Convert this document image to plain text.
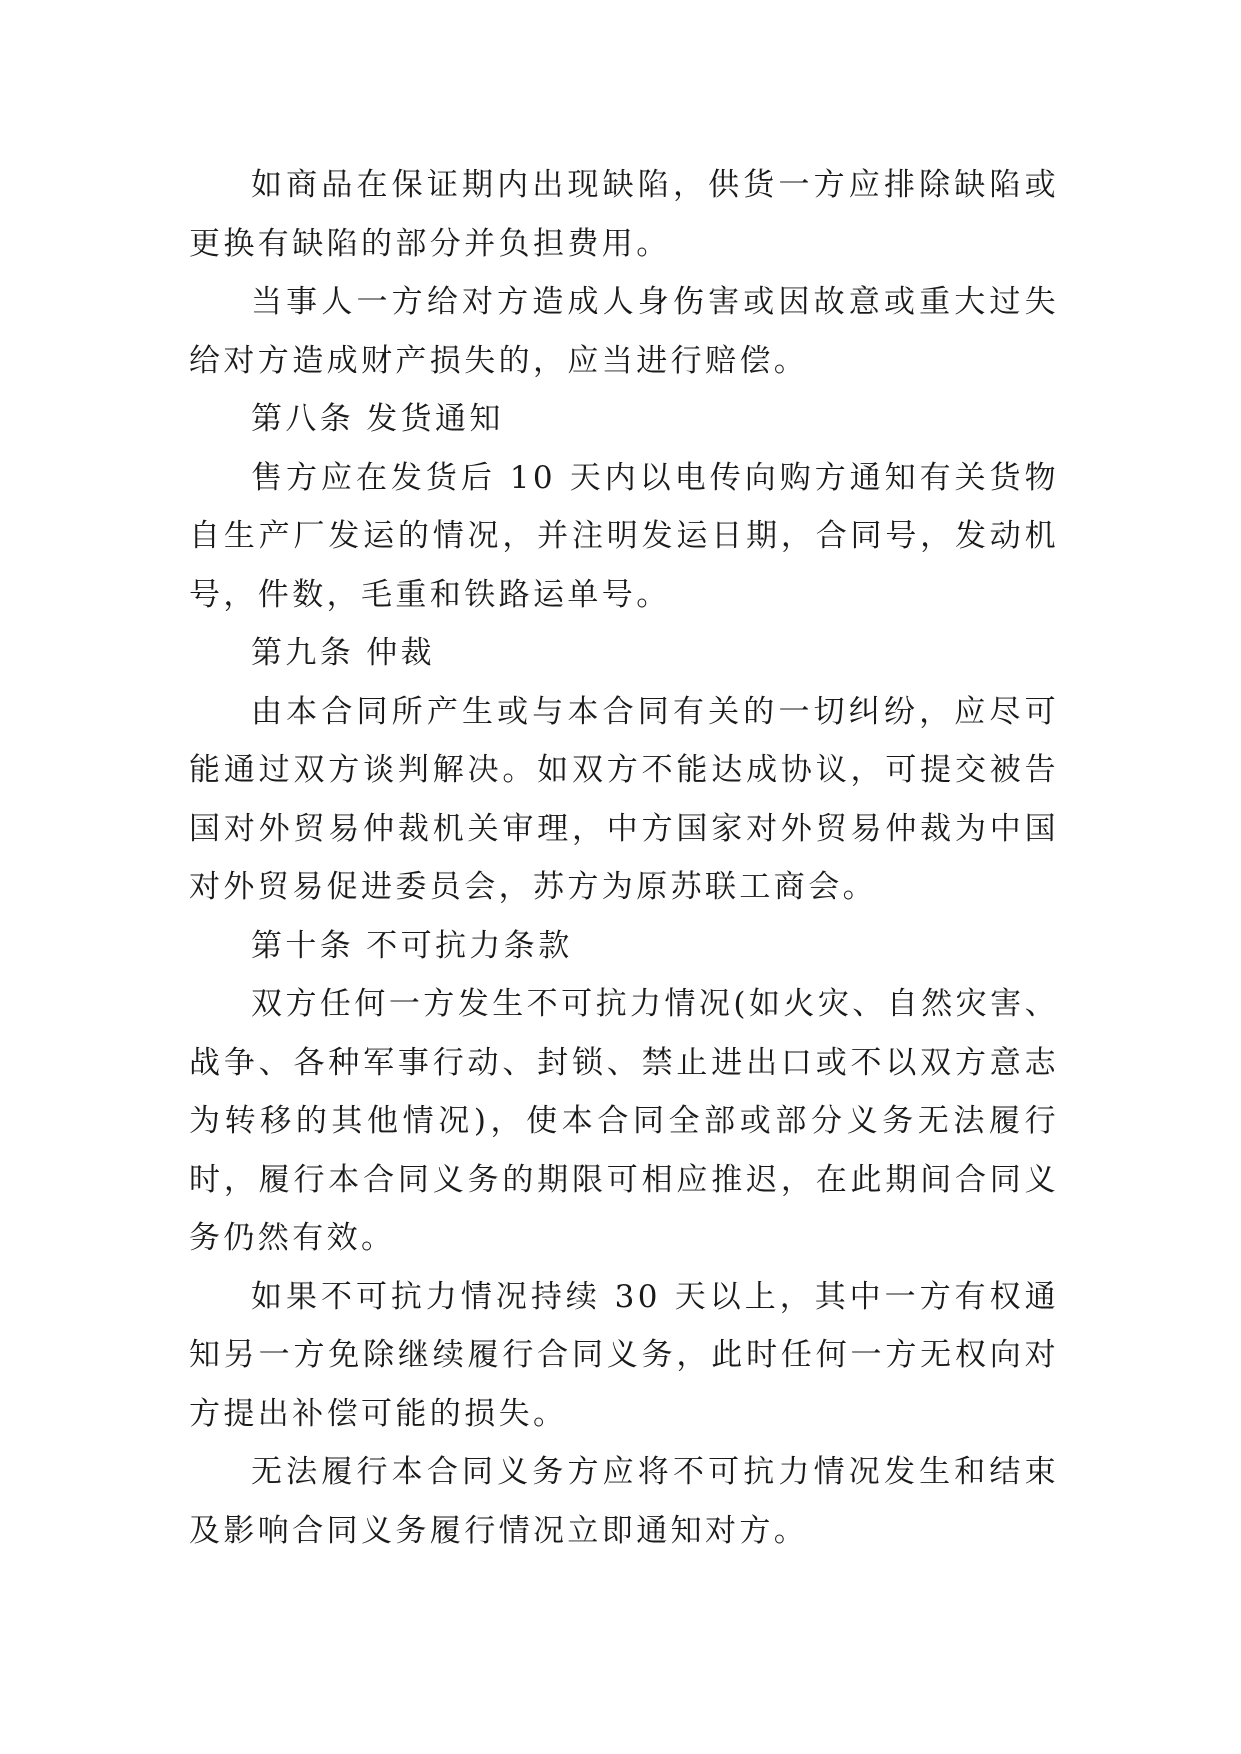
如商品在保证期内出现缺陷，供货一方应排除缺陷或更换有缺陷的部分并负担费用。

当事人一方给对方造成人身伤害或因故意或重大过失给对方造成财产损失的，应当进行赔偿。

第八条 发货通知

售方应在发货后 10 天内以电传向购方通知有关货物自生产厂发运的情况，并注明发运日期，合同号，发动机号，件数，毛重和铁路运单号。

第九条 仲裁

由本合同所产生或与本合同有关的一切纠纷，应尽可能通过双方谈判解决。如双方不能达成协议，可提交被告国对外贸易仲裁机关审理，中方国家对外贸易仲裁为中国对外贸易促进委员会，苏方为原苏联工商会。

第十条 不可抗力条款

双方任何一方发生不可抗力情况(如火灾、自然灾害、战争、各种军事行动、封锁、禁止进出口或不以双方意志为转移的其他情况)，使本合同全部或部分义务无法履行时，履行本合同义务的期限可相应推迟，在此期间合同义务仍然有效。

如果不可抗力情况持续 30 天以上，其中一方有权通知另一方免除继续履行合同义务，此时任何一方无权向对方提出补偿可能的损失。

无法履行本合同义务方应将不可抗力情况发生和结束及影响合同义务履行情况立即通知对方。
